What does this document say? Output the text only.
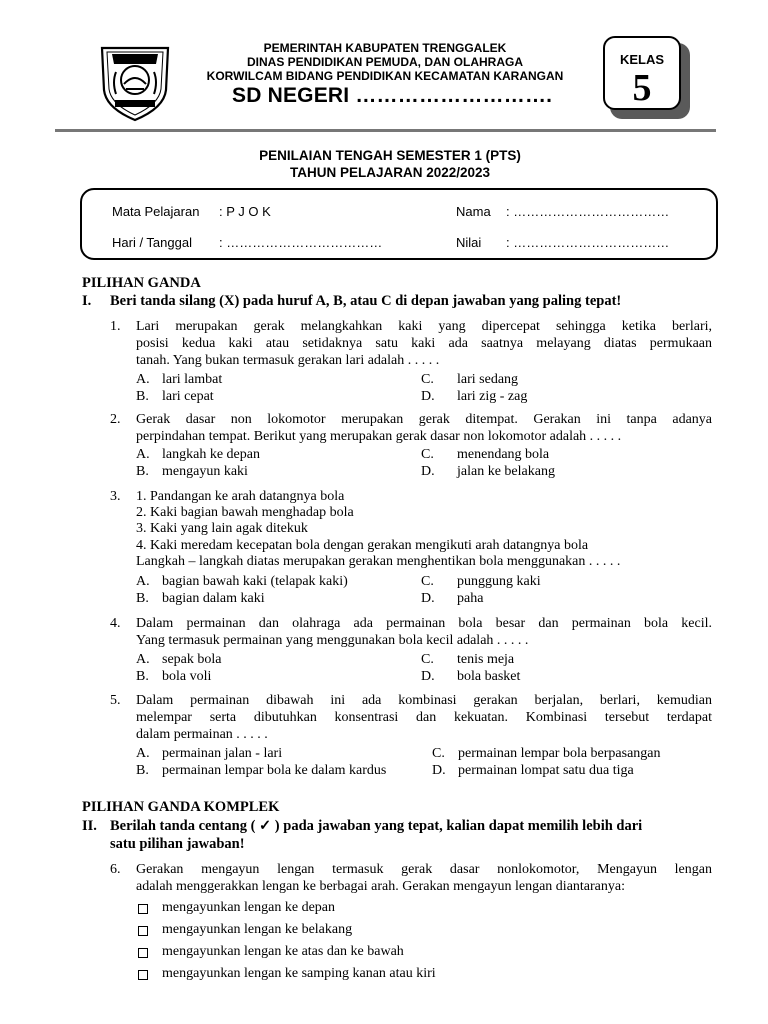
PEMERINTAH KABUPATEN TRENGGALEK
DINAS PENDIDIKAN PEMUDA, DAN OLAHRAGA
KORWILCAM BIDANG PENDIDIKAN KECAMATAN KARANGAN
SD NEGERI ……………………….
KELAS
5
PENILAIAN TENGAH SEMESTER 1 (PTS)
TAHUN PELAJARAN 2022/2023
Mata Pelajaran : P J O K
Hari / Tanggal : ………………………………
Nama : ………………………………
Nilai : ………………………………
PILIHAN GANDA
I. Beri tanda silang (X) pada huruf A, B, atau C di depan jawaban yang paling tepat!
1. Lari merupakan gerak melangkahkan kaki yang dipercepat sehingga ketika berlari,
posisi kedua kaki atau setidaknya satu kaki ada saatnya melayang diatas permukaan
tanah. Yang bukan termasuk gerakan lari adalah . . . . .
A. lari lambat
B. lari cepat
C. lari sedang
D. lari zig - zag
2. Gerak dasar non lokomotor merupakan gerak ditempat. Gerakan ini tanpa adanya
perpindahan tempat. Berikut yang merupakan gerak dasar non lokomotor adalah . . . . .
A. langkah ke depan
B. mengayun kaki
C. menendang bola
D. jalan ke belakang
3. 1. Pandangan ke arah datangnya bola
2. Kaki bagian bawah menghadap bola
3. Kaki yang lain agak ditekuk
4. Kaki meredam kecepatan bola dengan gerakan mengikuti arah datangnya bola
Langkah – langkah diatas merupakan gerakan menghentikan bola menggunakan . . . . .
A. bagian bawah kaki (telapak kaki)
B. bagian dalam kaki
C. punggung kaki
D. paha
4. Dalam permainan dan olahraga ada permainan bola besar dan permainan bola kecil.
Yang termasuk permainan yang menggunakan bola kecil adalah . . . . .
A. sepak bola
B. bola voli
C. tenis meja
D. bola basket
5. Dalam permainan dibawah ini ada kombinasi gerakan berjalan, berlari, kemudian
melempar serta dibutuhkan konsentrasi dan kekuatan. Kombinasi tersebut terdapat
dalam permainan . . . . .
A. permainan jalan - lari
B. permainan lempar bola ke dalam kardus
C. permainan lempar bola berpasangan
D. permainan lompat satu dua tiga
PILIHAN GANDA KOMPLEK
II. Berilah tanda centang ( ✓ ) pada jawaban yang tepat, kalian dapat memilih lebih dari
satu pilihan jawaban!
6. Gerakan mengayun lengan termasuk gerak dasar nonlokomotor, Mengayun lengan
adalah menggerakkan lengan ke berbagai arah. Gerakan mengayun lengan diantaranya:
mengayunkan lengan ke depan
mengayunkan lengan ke belakang
mengayunkan lengan ke atas dan ke bawah
mengayunkan lengan ke samping kanan atau kiri
